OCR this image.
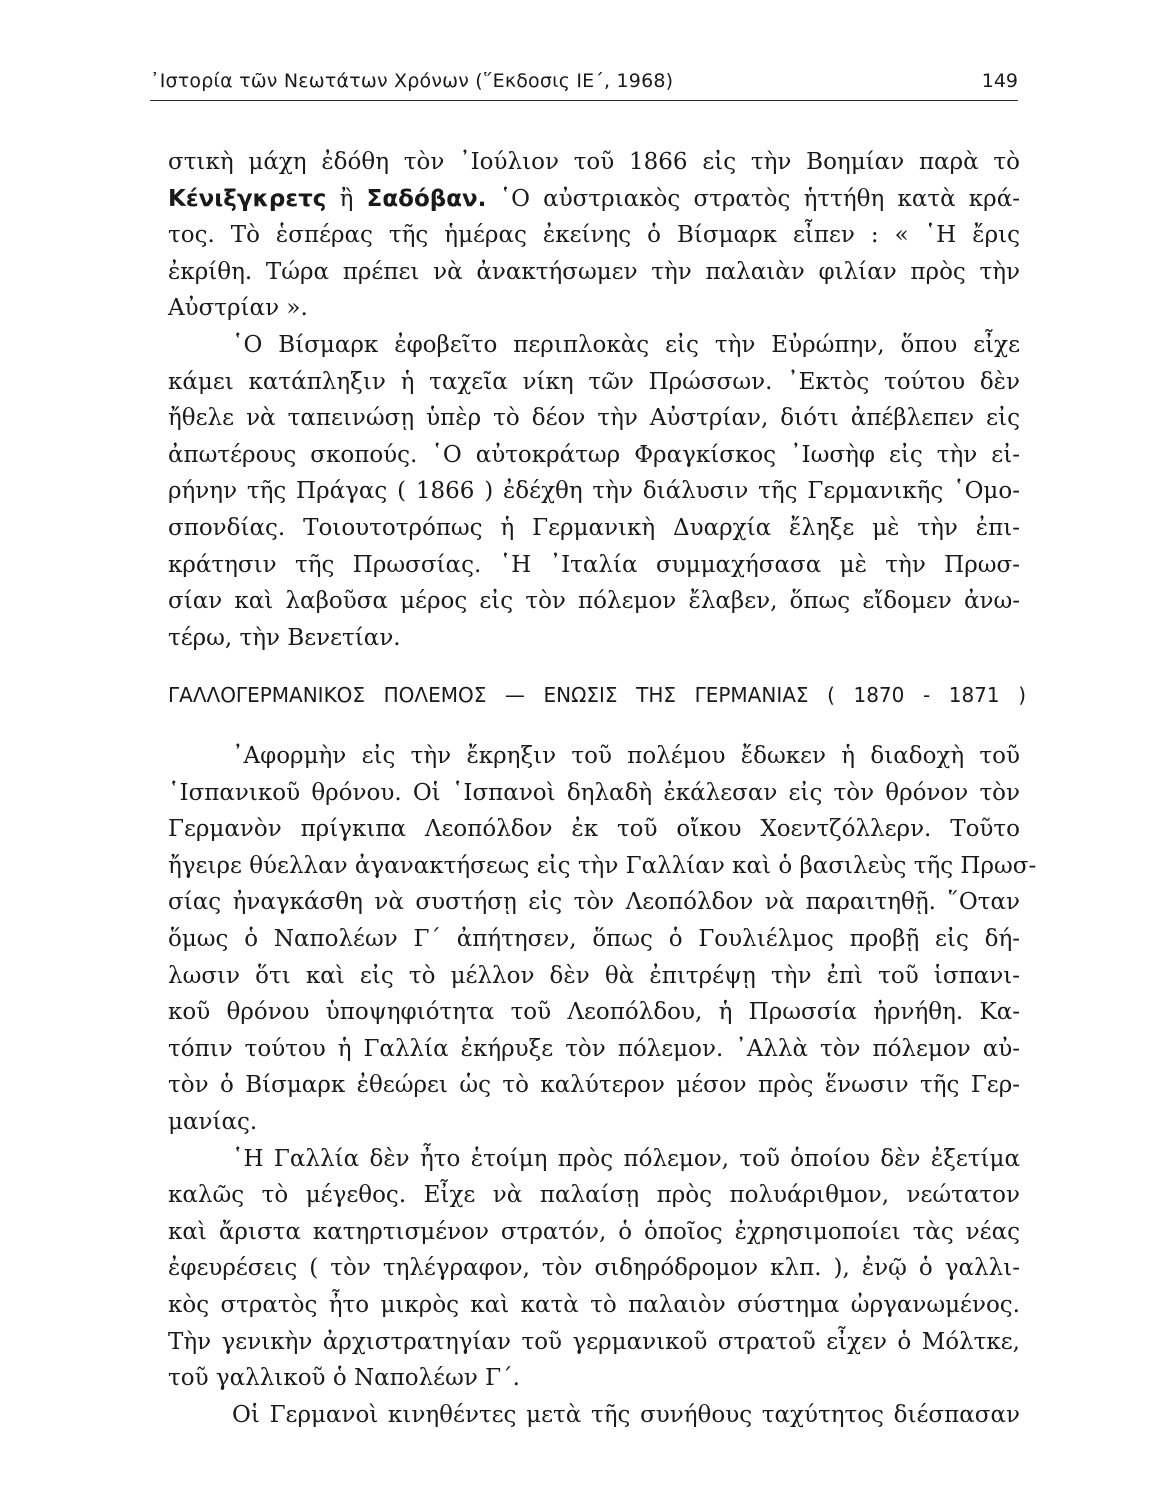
᾿Ιστορία τῶν Νεωτάτων Χρόνων (῞Εκδοσις ΙΕ΄, 1968)	149
στικὴ μάχη ἐδόθη τὸν ᾿Ιούλιον τοῦ 1866 εἰς τὴν Βοημίαν παρὰ τὸ
Κένιξγκρετς ἢ Σαδόβαν. ῾Ο αὐστριακὸς στρατὸς ἡττήθη κατὰ κρά-
τος. Τὸ ἑσπέρας τῆς ἡμέρας ἐκείνης ὁ Βίσμαρκ εἶπεν : « ῾Η ἔρις
ἐκρίθη. Τώρα πρέπει νὰ ἀνακτήσωμεν τὴν παλαιὰν φιλίαν πρὸς τὴν
Αὐστρίαν ».
῾Ο Βίσμαρκ ἐφοβεῖτο περιπλοκὰς εἰς τὴν Εὐρώπην, ὅπου εἶχε
κάμει κατάπληξιν ἡ ταχεῖα νίκη τῶν Πρώσσων. ᾿Εκτὸς τούτου δὲν
ἤθελε νὰ ταπεινώσῃ ὑπὲρ τὸ δέον τὴν Αὐστρίαν, διότι ἀπέβλεπεν εἰς
ἀπωτέρους σκοπούς. ῾Ο αὐτοκράτωρ Φραγκίσκος ᾿Ιωσὴφ εἰς τὴν εἰ-
ρήνην τῆς Πράγας ( 1866 ) ἐδέχθη τὴν διάλυσιν τῆς Γερμανικῆς ῾Ομο-
σπονδίας. Τοιουτοτρόπως ἡ Γερμανικὴ Δυαρχία ἔληξε μὲ τὴν ἐπι-
κράτησιν τῆς Πρωσσίας. ῾Η ᾿Ιταλία συμμαχήσασα μὲ τὴν Πρωσ-
σίαν καὶ λαβοῦσα μέρος εἰς τὸν πόλεμον ἔλαβεν, ὅπως εἴδομεν ἀνω-
τέρω, τὴν Βενετίαν.
ΓΑΛΛΟΓΕΡΜΑΝΙΚΟΣ ΠΟΛΕΜΟΣ — ΕΝΩΣΙΣ ΤΗΣ ΓΕΡΜΑΝΙΑΣ ( 1870 - 1871 )
᾿Αφορμὴν εἰς τὴν ἔκρηξιν τοῦ πολέμου ἔδωκεν ἡ διαδοχὴ τοῦ
῾Ισπανικοῦ θρόνου. Οἱ ῾Ισπανοὶ δηλαδὴ ἐκάλεσαν εἰς τὸν θρόνον τὸν
Γερμανὸν πρίγκιπα Λεοπόλδον ἐκ τοῦ οἴκου Χοεντζόλλερν. Τοῦτο
ἤγειρε θύελλαν ἀγανακτήσεως εἰς τὴν Γαλλίαν καὶ ὁ βασιλεὺς τῆς Πρωσ-
σίας ἠναγκάσθη νὰ συστήσῃ εἰς τὸν Λεοπόλδον νὰ παραιτηθῇ. ῞Οταν
ὅμως ὁ Ναπολέων Γ΄ ἀπήτησεν, ὅπως ὁ Γουλιέλμος προβῇ εἰς δή-
λωσιν ὅτι καὶ εἰς τὸ μέλλον δὲν θὰ ἐπιτρέψῃ τὴν ἐπὶ τοῦ ἱσπανι-
κοῦ θρόνου ὑποψηφιότητα τοῦ Λεοπόλδου, ἡ Πρωσσία ἠρνήθη. Κα-
τόπιν τούτου ἡ Γαλλία ἐκήρυξε τὸν πόλεμον. ᾿Αλλὰ τὸν πόλεμον αὐ-
τὸν ὁ Βίσμαρκ ἐθεώρει ὡς τὸ καλύτερον μέσον πρὸς ἕνωσιν τῆς Γερ-
μανίας.
῾Η Γαλλία δὲν ἦτο ἑτοίμη πρὸς πόλεμον, τοῦ ὁποίου δὲν ἐξετίμα
καλῶς τὸ μέγεθος. Εἶχε νὰ παλαίσῃ πρὸς πολυάριθμον, νεώτατον
καὶ ἄριστα κατηρτισμένον στρατόν, ὁ ὁποῖος ἐχρησιμοποίει τὰς νέας
ἐφευρέσεις ( τὸν τηλέγραφον, τὸν σιδηρόδρομον κλπ. ), ἐνῷ ὁ γαλλι-
κὸς στρατὸς ἦτο μικρὸς καὶ κατὰ τὸ παλαιὸν σύστημα ὠργανωμένος.
Τὴν γενικὴν ἀρχιστρατηγίαν τοῦ γερμανικοῦ στρατοῦ εἶχεν ὁ Μόλτκε,
τοῦ γαλλικοῦ ὁ Ναπολέων Γ΄.
Οἱ Γερμανοὶ κινηθέντες μετὰ τῆς συνήθους ταχύτητος διέσπασαν
